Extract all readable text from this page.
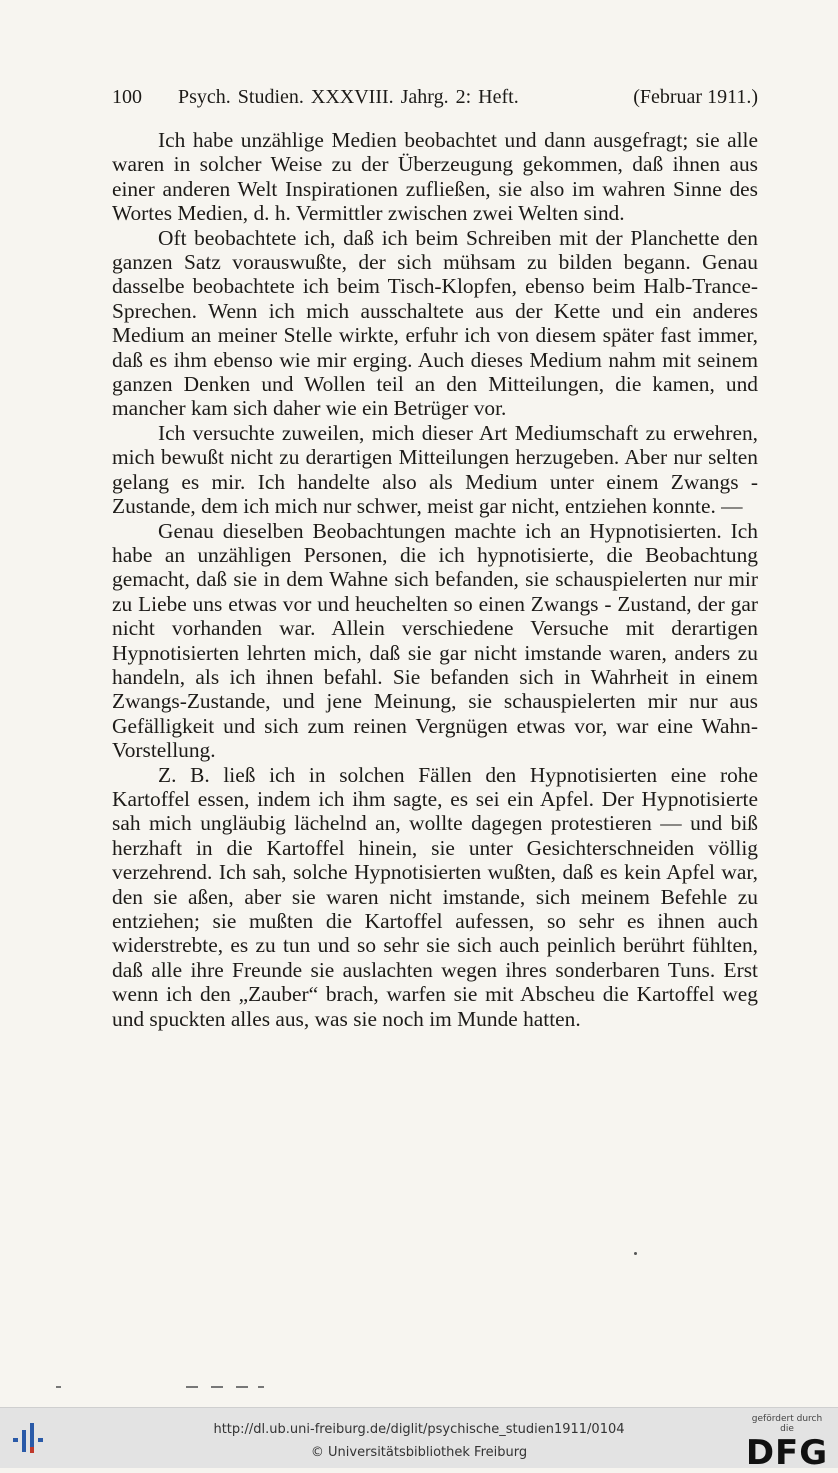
100	Psych. Studien. XXXVIII. Jahrg. 2: Heft.	(Februar 1911.)

Ich habe unzählige Medien beobachtet und dann ausgefragt; sie alle waren in solcher Weise zu der Überzeugung gekommen, daß ihnen aus einer anderen Welt Inspirationen zufließen, sie also im wahren Sinne des Wortes Medien, d. h. Vermittler zwischen zwei Welten sind.

Oft beobachtete ich, daß ich beim Schreiben mit der Planchette den ganzen Satz vorauswußte, der sich mühsam zu bilden begann. Genau dasselbe beobachtete ich beim Tisch-Klopfen, ebenso beim Halb-Trance-Sprechen. Wenn ich mich ausschaltete aus der Kette und ein anderes Medium an meiner Stelle wirkte, erfuhr ich von diesem später fast immer, daß es ihm ebenso wie mir erging. Auch dieses Medium nahm mit seinem ganzen Denken und Wollen teil an den Mitteilungen, die kamen, und mancher kam sich daher wie ein Betrüger vor.

Ich versuchte zuweilen, mich dieser Art Mediumschaft zu erwehren, mich bewußt nicht zu derartigen Mitteilungen herzugeben. Aber nur selten gelang es mir. Ich handelte also als Medium unter einem Zwangs - Zustande, dem ich mich nur schwer, meist gar nicht, entziehen konnte. —

Genau dieselben Beobachtungen machte ich an Hypnotisierten. Ich habe an unzähligen Personen, die ich hypnotisierte, die Beobachtung gemacht, daß sie in dem Wahne sich befanden, sie schauspielerten nur mir zu Liebe uns etwas vor und heuchelten so einen Zwangs - Zustand, der gar nicht vorhanden war. Allein verschiedene Versuche mit derartigen Hypnotisierten lehrten mich, daß sie gar nicht imstande waren, anders zu handeln, als ich ihnen befahl. Sie befanden sich in Wahrheit in einem Zwangs-Zustande, und jene Meinung, sie schauspielerten mir nur aus Gefälligkeit und sich zum reinen Vergnügen etwas vor, war eine Wahn-Vorstellung.

Z. B. ließ ich in solchen Fällen den Hypnotisierten eine rohe Kartoffel essen, indem ich ihm sagte, es sei ein Apfel. Der Hypnotisierte sah mich ungläubig lächelnd an, wollte dagegen protestieren — und biß herzhaft in die Kartoffel hinein, sie unter Gesichterschneiden völlig verzehrend. Ich sah, solche Hypnotisierten wußten, daß es kein Apfel war, den sie aßen, aber sie waren nicht imstande, sich meinem Befehle zu entziehen; sie mußten die Kartoffel aufessen, so sehr es ihnen auch widerstrebte, es zu tun und so sehr sie sich auch peinlich berührt fühlten, daß alle ihre Freunde sie auslachten wegen ihres sonderbaren Tuns. Erst wenn ich den „Zauber“ brach, warfen sie mit Abscheu die Kartoffel weg und spuckten alles aus, was sie noch im Munde hatten.

http://dl.ub.uni-freiburg.de/diglit/psychische_studien1911/0104
© Universitätsbibliothek Freiburg
gefördert durch die
DFG
